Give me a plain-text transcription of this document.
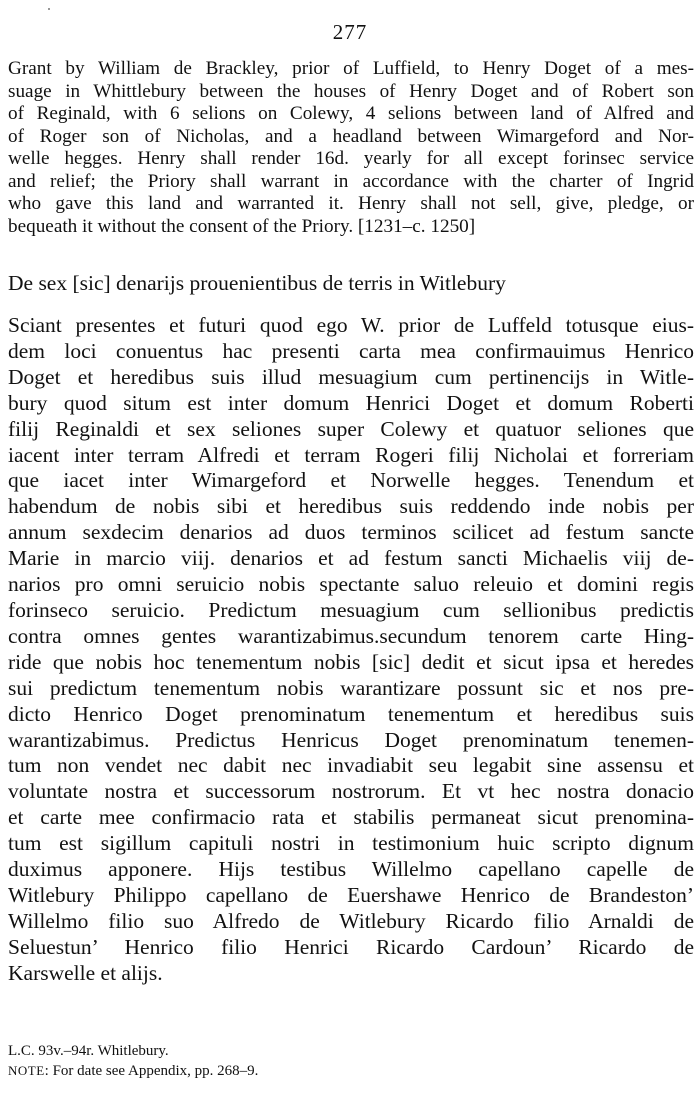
277
Grant by William de Brackley, prior of Luffield, to Henry Doget of a mes-
suage in Whittlebury between the houses of Henry Doget and of Robert son
of Reginald, with 6 selions on Colewy, 4 selions between land of Alfred and
of Roger son of Nicholas, and a headland between Wimargeford and Nor-
welle hegges. Henry shall render 16d. yearly for all except forinsec service
and relief; the Priory shall warrant in accordance with the charter of Ingrid
who gave this land and warranted it. Henry shall not sell, give, pledge, or
bequeath it without the consent of the Priory. [1231–c. 1250]
De sex [sic] denarijs prouenientibus de terris in Witlebury
Sciant presentes et futuri quod ego W. prior de Luffeld totusque eius-
dem loci conuentus hac presenti carta mea confirmauimus Henrico
Doget et heredibus suis illud mesuagium cum pertinencijs in Witle-
bury quod situm est inter domum Henrici Doget et domum Roberti
filij Reginaldi et sex seliones super Colewy et quatuor seliones que
iacent inter terram Alfredi et terram Rogeri filij Nicholai et forreriam
que iacet inter Wimargeford et Norwelle hegges. Tenendum et
habendum de nobis sibi et heredibus suis reddendo inde nobis per
annum sexdecim denarios ad duos terminos scilicet ad festum sancte
Marie in marcio viij. denarios et ad festum sancti Michaelis viij de-
narios pro omni seruicio nobis spectante saluo releuio et domini regis
forinseco seruicio. Predictum mesuagium cum sellionibus predictis
contra omnes gentes warantizabimus.secundum tenorem carte Hing-
ride que nobis hoc tenementum nobis [sic] dedit et sicut ipsa et heredes
sui predictum tenementum nobis warantizare possunt sic et nos pre-
dicto Henrico Doget prenominatum tenementum et heredibus suis
warantizabimus. Predictus Henricus Doget prenominatum tenemen-
tum non vendet nec dabit nec invadiabit seu legabit sine assensu et
voluntate nostra et successorum nostrorum. Et vt hec nostra donacio
et carte mee confirmacio rata et stabilis permaneat sicut prenomina-
tum est sigillum capituli nostri in testimonium huic scripto dignum
duximus apponere. Hijs testibus Willelmo capellano capelle de
Witlebury Philippo capellano de Euershawe Henrico de Brandeston’
Willelmo filio suo Alfredo de Witlebury Ricardo filio Arnaldi de
Seluestun’ Henrico filio Henrici Ricardo Cardoun’ Ricardo de
Karswelle et alijs.
L.C. 93v.–94r. Whitlebury.
NOTE: For date see Appendix, pp. 268–9.
